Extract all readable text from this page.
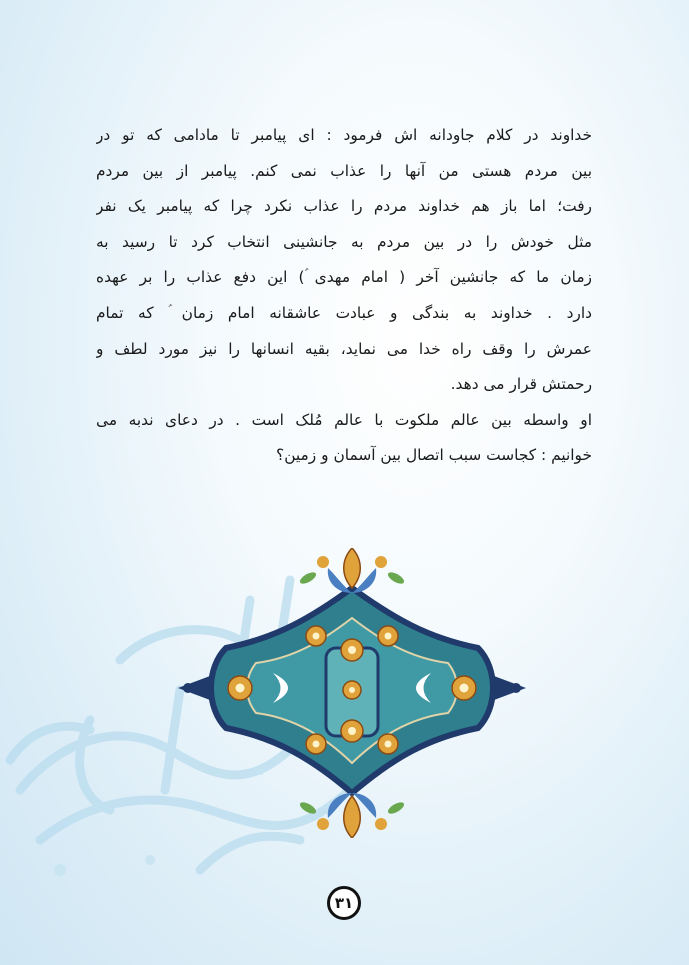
خداوند در کلام جاودانه اش فرمود : ای پیامبر تا مادامی که تو در
بین مردم هستی من آنها را عذاب نمی کنم. پیامبر از بین مردم
رفت؛ اما باز هم خداوند مردم را عذاب نکرد چرا که پیامبر یک نفر
مثل خودش را در بین مردم به جانشینی انتخاب کرد تا رسید به
زمان ما که جانشین آخر ( امام مهدی ؑ) این دفع عذاب را بر عهده
دارد . خداوند به بندگی و عبادت عاشقانه امام زمان ؑ که تمام
عمرش را وقف راه خدا می نماید، بقیه انسانها را نیز مورد لطف و
رحمتش قرار می دهد.
او واسطه بین عالم ملکوت با عالم مُلک است . در دعای ندبه می
خوانیم : کجاست سبب اتصال بین آسمان و زمین؟
۳۱
